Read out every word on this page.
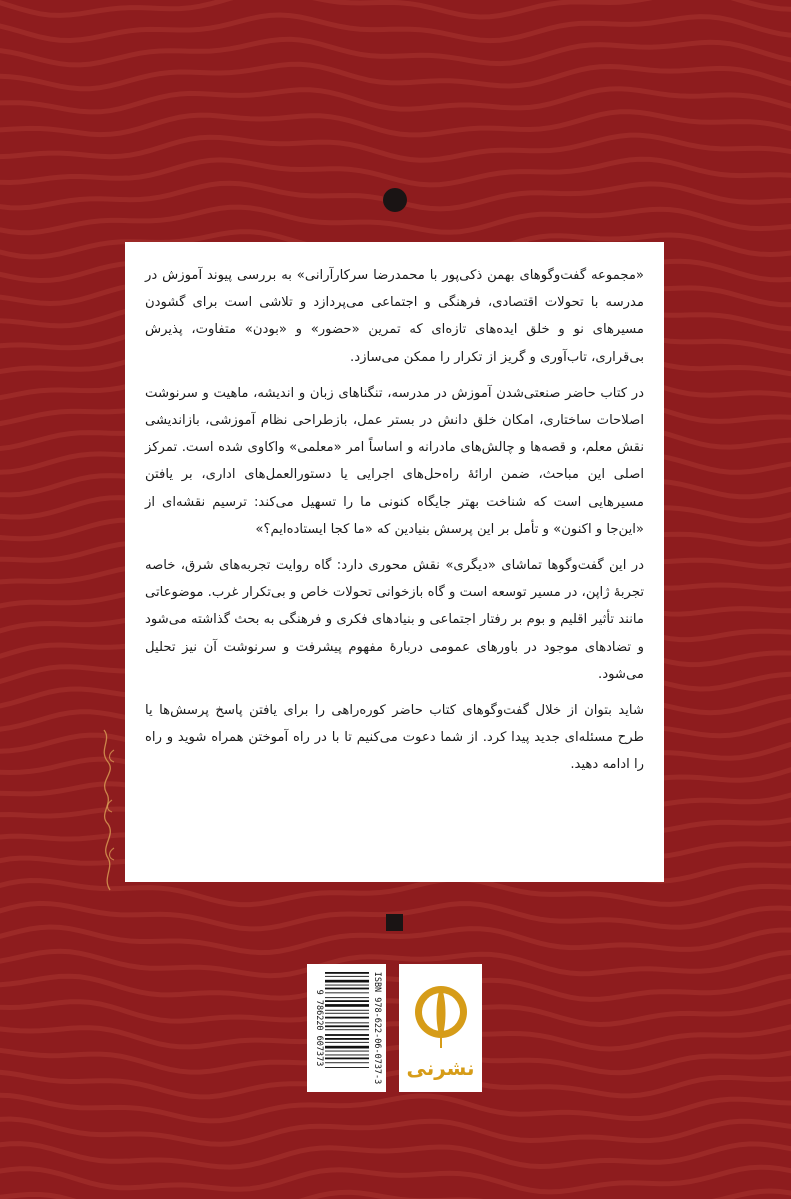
«مجموعه گفت‌وگوهای بهمن ذکی‌پور با محمدرضا سرکارآرانی» به بررسی پیوند آموزش در مدرسه با تحولات اقتصادی، فرهنگی و اجتماعی می‌پردازد و تلاشی است برای گشودن مسیرهای نو و خلق ایده‌های تازه‌ای که تمرین «حضور» و «بودن» متفاوت، پذیرش بی‌قراری، تاب‌آوری و گریز از تکرار را ممکن می‌سازد.

در کتاب حاضر صنعتی‌شدن آموزش در مدرسه، تنگناهای زبان و اندیشه، ماهیت و سرنوشت اصلاحات ساختاری، امکان خلق دانش در بستر عمل، بازطراحی نظام آموزشی، بازاندیشی نقش معلم، و قصه‌ها و چالش‌های مادرانه و اساساً امر «معلمی» واکاوی شده است. تمرکز اصلی این مباحث، ضمن ارائهٔ راه‌حل‌های اجرایی یا دستورالعمل‌های اداری، بر یافتن مسیرهایی است که شناخت بهتر جایگاه کنونی ما را تسهیل می‌کند: ترسیم نقشه‌ای از «این‌جا و اکنون» و تأمل بر این پرسش بنیادین که «ما کجا ایستاده‌ایم؟»

در این گفت‌وگوها تماشای «دیگری» نقش محوری دارد: گاه روایت تجربه‌های شرق، خاصه تجربهٔ ژاپن، در مسیر توسعه است و گاه بازخوانی تحولات خاص و بی‌تکرار غرب. موضوعاتی مانند تأثیر اقلیم و بوم بر رفتار اجتماعی و بنیادهای فکری و فرهنگی به بحث گذاشته می‌شود و تضادهای موجود در باورهای عمومی دربارهٔ مفهوم پیشرفت و سرنوشت آن نیز تحلیل می‌شود.

شاید بتوان از خلال گفت‌وگوهای کتاب حاضر کوره‌راهی را برای یافتن پاسخ پرسش‌ها یا طرح مسئله‌ای جدید پیدا کرد. از شما دعوت می‌کنیم تا با در راه آموختن همراه شوید و راه را ادامه دهید.

ISBN 978-622-06-0737-3
9 786220 607373
نشرنی
